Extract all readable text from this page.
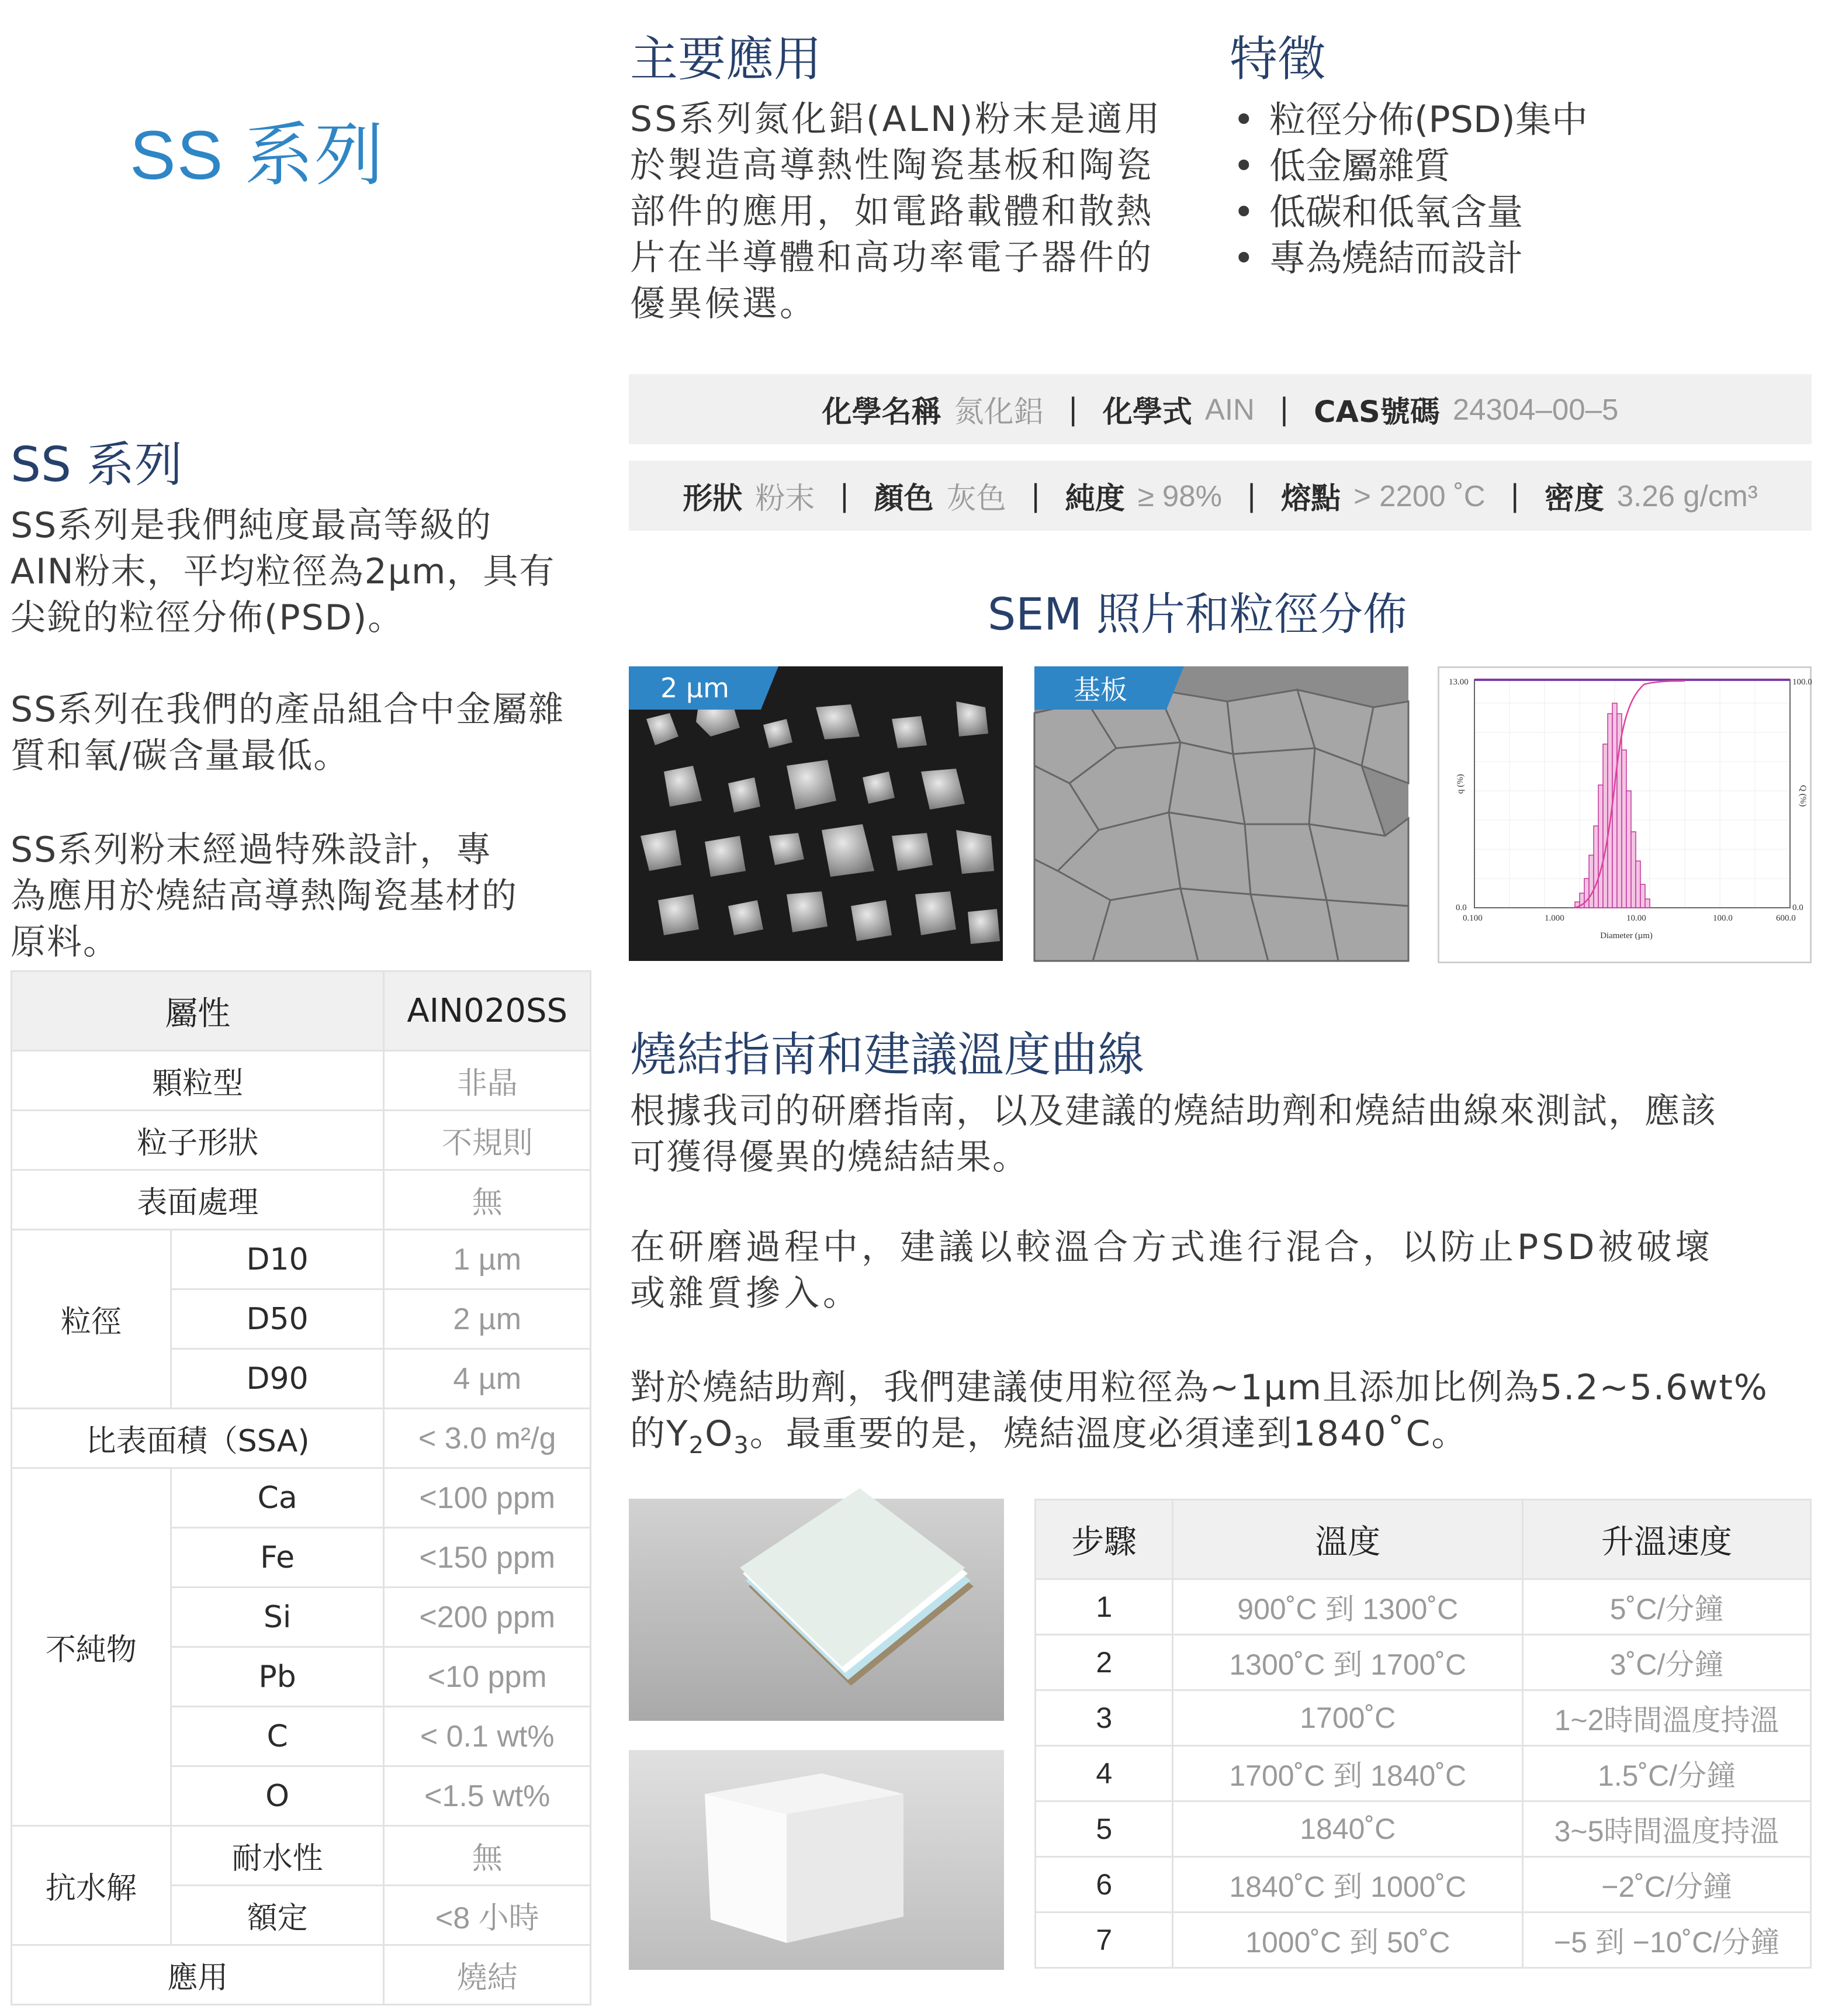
SS 系列
主要應用
SS系列氮化鋁(ALN)粉末是適用
於製造高導熱性陶瓷基板和陶瓷
部件的應用，如電路載體和散熱
片在半導體和高功率電子器件的
優異候選。
特徵
• 粒徑分佈(PSD)集中
• 低金屬雜質
• 低碳和低氧含量
• 專為燒結而設計
化學名稱 氮化鋁 | 化學式 AIN | CAS號碼 24304–00–5
形狀 粉末 | 顏色 灰色 | 純度 ≥ 98% | 熔點 > 2200 ˚C | 密度 3.26 g/cm³
SEM 照片和粒徑分佈
2 µm	基板	13.00
0.0
100.0
0.0
q (%)
Q (%)
0.100	1.000	10.00	100.0	600.0
Diameter (µm)
SS 系列
SS系列是我們純度最高等級的
AIN粉末，平均粒徑為2µm，具有
尖銳的粒徑分佈(PSD)。
SS系列在我們的產品組合中金屬雜
質和氧/碳含量最低。
SS系列粉末經過特殊設計，專
為應用於燒結高導熱陶瓷基材的
原料。
屬性		AIN020SS
顆粒型		非晶
粒子形狀		不規則
表面處理		無
粒徑	D10	1 µm
	D50	2 µm
	D90	4 µm
比表面積（SSA)		< 3.0 m²/g
不純物	Ca	<100 ppm
	Fe	<150 ppm
	Si	<200 ppm
	Pb	<10 ppm
	C	< 0.1 wt%
	O	<1.5 wt%
抗水解	耐水性	無
	額定	<8 小時
應用		燒結
燒結指南和建議溫度曲線
根據我司的研磨指南，以及建議的燒結助劑和燒結曲線來測試，應該
可獲得優異的燒結結果。
在研磨過程中，建議以較溫合方式進行混合，以防止PSD被破壞
或雜質摻入。
對於燒結助劑，我們建議使用粒徑為~1µm且添加比例為5.2~5.6wt%
的$Y_2O_3$。最重要的是，燒結溫度必須達到1840˚C。
步驟	溫度	升溫速度
1	900˚C 到 1300˚C	5˚C/分鐘
2	1300˚C 到 1700˚C	3˚C/分鐘
3	1700˚C	1~2時間溫度持溫
4	1700˚C 到 1840˚C	1.5˚C/分鐘
5	1840˚C	3~5時間溫度持溫
6	1840˚C 到 1000˚C	−2˚C/分鐘
7	1000˚C 到 50˚C	−5 到 −10˚C/分鐘
